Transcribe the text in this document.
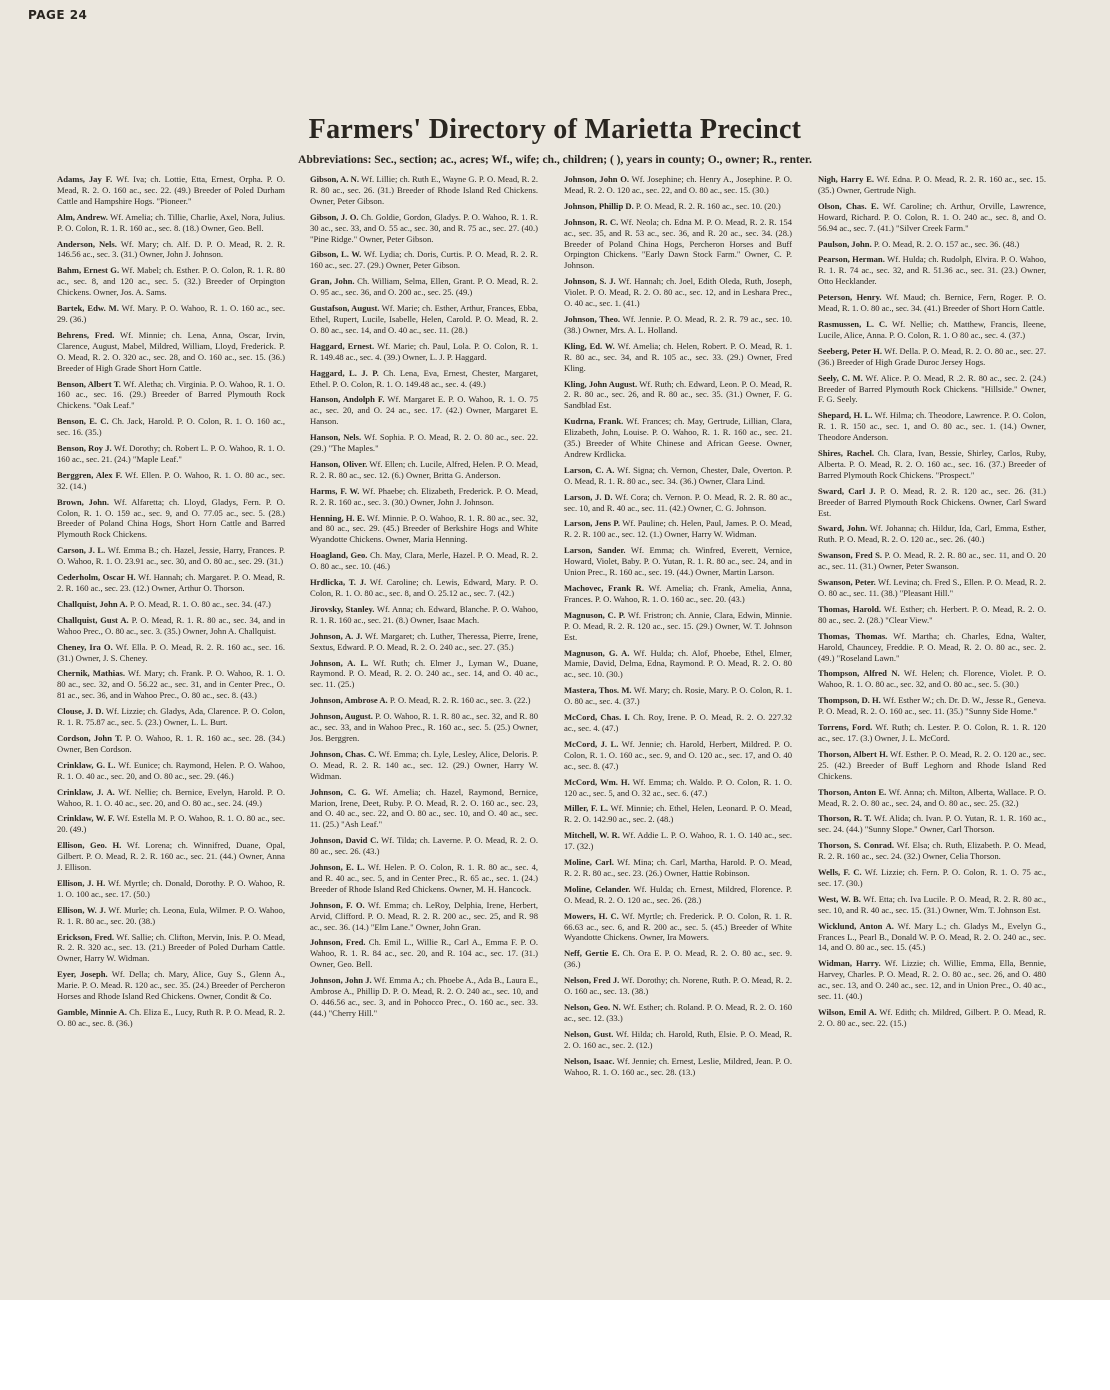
PAGE 24
Farmers' Directory of Marietta Precinct
Abbreviations: Sec., section; ac., acres; Wf., wife; ch., children; ( ), years in county; O., owner; R., renter.

Adams, Jay F. Wf. Iva; ch. Lottie, Etta, Ernest, Orpha. P. O. Mead, R. 2. O. 160 ac., sec. 22. (49.) Breeder of Poled Durham Cattle and Hampshire Hogs. "Pioneer."

Alm, Andrew. Wf. Amelia; ch. Tillie, Charlie, Axel, Nora, Julius. P. O. Colon, R. 1. R. 160 ac., sec. 8. (18.) Owner, Geo. Bell.

Anderson, Nels. Wf. Mary; ch. Alf. D. P. O. Mead, R. 2. R. 146.56 ac., sec. 3. (31.) Owner, John J. Johnson.

Bahm, Ernest G. Wf. Mabel; ch. Esther. P. O. Colon, R. 1. R. 80 ac., sec. 8, and 120 ac., sec. 5. (32.) Breeder of Orpington Chickens. Owner, Jos. A. Sams.

Bartek, Edw. M. Wf. Mary. P. O. Wahoo, R. 1. O. 160 ac., sec. 29. (36.)

Behrens, Fred. Wf. Minnie; ch. Lena, Anna, Oscar, Irvin, Clarence, August, Mabel, Mildred, William, Lloyd, Frederick. P. O. Mead, R. 2. O. 320 ac., sec. 28, and O. 160 ac., sec. 15. (36.) Breeder of High Grade Short Horn Cattle.

Benson, Albert T. Wf. Aletha; ch. Virginia. P. O. Wahoo, R. 1. O. 160 ac., sec. 16. (29.) Breeder of Barred Plymouth Rock Chickens. "Oak Leaf."

Benson, E. C. Ch. Jack, Harold. P. O. Colon, R. 1. O. 160 ac., sec. 16. (35.)

Benson, Roy J. Wf. Dorothy; ch. Robert L. P. O. Wahoo, R. 1. O. 160 ac., sec. 21. (24.) "Maple Leaf."

Berggren, Alex F. Wf. Ellen. P. O. Wahoo, R. 1. O. 80 ac., sec. 32. (14.)

Brown, John. Wf. Alfaretta; ch. Lloyd, Gladys, Fern. P. O. Colon, R. 1. O. 159 ac., sec. 9, and O. 77.05 ac., sec. 5. (28.) Breeder of Poland China Hogs, Short Horn Cattle and Barred Plymouth Rock Chickens.

Carson, J. L. Wf. Emma B.; ch. Hazel, Jessie, Harry, Frances. P. O. Wahoo, R. 1. O. 23.91 ac., sec. 30, and O. 80 ac., sec. 29. (31.)

Cederholm, Oscar H. Wf. Hannah; ch. Margaret. P. O. Mead, R. 2. R. 160 ac., sec. 23. (12.) Owner, Arthur O. Thorson.

Challquist, John A. P. O. Mead, R. 1. O. 80 ac., sec. 34. (47.)

Challquist, Gust A. P. O. Mead, R. 1. R. 80 ac., sec. 34, and in Wahoo Prec., O. 80 ac., sec. 3. (35.) Owner, John A. Challquist.

Cheney, Ira O. Wf. Ella. P. O. Mead, R. 2. R. 160 ac., sec. 16. (31.) Owner, J. S. Cheney.

Chernik, Mathias. Wf. Mary; ch. Frank. P. O. Wahoo, R. 1. O. 80 ac., sec. 32, and O. 56.22 ac., sec. 31, and in Center Prec., O. 81 ac., sec. 36, and in Wahoo Prec., O. 80 ac., sec. 8. (43.)

Clouse, J. D. Wf. Lizzie; ch. Gladys, Ada, Clarence. P. O. Colon, R. 1. R. 75.87 ac., sec. 5. (23.) Owner, L. L. Burt.

Cordson, John T. P. O. Wahoo, R. 1. R. 160 ac., sec. 28. (34.) Owner, Ben Cordson.

Crinklaw, G. L. Wf. Eunice; ch. Raymond, Helen. P. O. Wahoo, R. 1. O. 40 ac., sec. 20, and O. 80 ac., sec. 29. (46.)

Crinklaw, J. A. Wf. Nellie; ch. Bernice, Evelyn, Harold. P. O. Wahoo, R. 1. O. 40 ac., sec. 20, and O. 80 ac., sec. 24. (49.)

Crinklaw, W. F. Wf. Estella M. P. O. Wahoo, R. 1. O. 80 ac., sec. 20. (49.)

Ellison, Geo. H. Wf. Lorena; ch. Winnifred, Duane, Opal, Gilbert. P. O. Mead, R. 2. R. 160 ac., sec. 21. (44.) Owner, Anna J. Ellison.

Ellison, J. H. Wf. Myrtle; ch. Donald, Dorothy. P. O. Wahoo, R. 1. O. 100 ac., sec. 17. (50.)

Ellison, W. J. Wf. Murle; ch. Leona, Eula, Wilmer. P. O. Wahoo, R. 1. R. 80 ac., sec. 20. (38.)

Erickson, Fred. Wf. Sallie; ch. Clifton, Mervin, Inis. P. O. Mead, R. 2. R. 320 ac., sec. 13. (21.) Breeder of Poled Durham Cattle. Owner, Harry W. Widman.

Eyer, Joseph. Wf. Della; ch. Mary, Alice, Guy S., Glenn A., Marie. P. O. Mead. R. 120 ac., sec. 35. (24.) Breeder of Percheron Horses and Rhode Island Red Chickens. Owner, Condit & Co.

Gamble, Minnie A. Ch. Eliza E., Lucy, Ruth R. P. O. Mead, R. 2. O. 80 ac., sec. 8. (36.)

Gibson, A. N. Wf. Lillie; ch. Ruth E., Wayne G. P. O. Mead, R. 2. R. 80 ac., sec. 26. (31.) Breeder of Rhode Island Red Chickens. Owner, Peter Gibson.

Gibson, J. O. Ch. Goldie, Gordon, Gladys. P. O. Wahoo, R. 1. R. 30 ac., sec. 33, and O. 55 ac., sec. 30, and R. 75 ac., sec. 27. (40.) "Pine Ridge." Owner, Peter Gibson.

Gibson, L. W. Wf. Lydia; ch. Doris, Curtis. P. O. Mead, R. 2. R. 160 ac., sec. 27. (29.) Owner, Peter Gibson.

Gran, John. Ch. William, Selma, Ellen, Grant. P. O. Mead, R. 2. O. 95 ac., sec. 36, and O. 200 ac., sec. 25. (49.)

Gustafson, August. Wf. Marie; ch. Esther, Arthur, Frances, Ebba, Ethel, Rupert, Lucile, Isabelle, Helen, Carold. P. O. Mead, R. 2. O. 80 ac., sec. 14, and O. 40 ac., sec. 11. (28.)

Haggard, Ernest. Wf. Marie; ch. Paul, Lola. P. O. Colon, R. 1. R. 149.48 ac., sec. 4. (39.) Owner, L. J. P. Haggard.

Haggard, L. J. P. Ch. Lena, Eva, Ernest, Chester, Margaret, Ethel. P. O. Colon, R. 1. O. 149.48 ac., sec. 4. (49.)

Hanson, Andolph F. Wf. Margaret E. P. O. Wahoo, R. 1. O. 75 ac., sec. 20, and O. 24 ac., sec. 17. (42.) Owner, Margaret E. Hanson.

Hanson, Nels. Wf. Sophia. P. O. Mead, R. 2. O. 80 ac., sec. 22. (29.) "The Maples."

Hanson, Oliver. Wf. Ellen; ch. Lucile, Alfred, Helen. P. O. Mead, R. 2. R. 80 ac., sec. 12. (6.) Owner, Britta G. Anderson.

Harms, F. W. Wf. Phaebe; ch. Elizabeth, Frederick. P. O. Mead, R. 2. R. 160 ac., sec. 3. (30.) Owner, John J. Johnson.

Henning, H. E. Wf. Minnie. P. O. Wahoo, R. 1. R. 80 ac., sec. 32, and 80 ac., sec. 29. (45.) Breeder of Berkshire Hogs and White Wyandotte Chickens. Owner, Maria Henning.

Hoagland, Geo. Ch. May, Clara, Merle, Hazel. P. O. Mead, R. 2. O. 80 ac., sec. 10. (46.)

Hrdlicka, T. J. Wf. Caroline; ch. Lewis, Edward, Mary. P. O. Colon, R. 1. O. 80 ac., sec. 8, and O. 25.12 ac., sec. 7. (42.)

Jirovsky, Stanley. Wf. Anna; ch. Edward, Blanche. P. O. Wahoo, R. 1. R. 160 ac., sec. 21. (8.) Owner, Isaac Mach.

Johnson, A. J. Wf. Margaret; ch. Luther, Theressa, Pierre, Irene, Sextus, Edward. P. O. Mead, R. 2. O. 240 ac., sec. 27. (35.)

Johnson, A. L. Wf. Ruth; ch. Elmer J., Lyman W., Duane, Raymond. P. O. Mead, R. 2. O. 240 ac., sec. 14, and O. 40 ac., sec. 11. (25.)

Johnson, Ambrose A. P. O. Mead, R. 2. R. 160 ac., sec. 3. (22.)

Johnson, August. P. O. Wahoo, R. 1. R. 80 ac., sec. 32, and R. 80 ac., sec. 33, and in Wahoo Prec., R. 160 ac., sec. 5. (25.) Owner, Jos. Berggren.

Johnson, Chas. C. Wf. Emma; ch. Lyle, Lesley, Alice, Deloris. P. O. Mead, R. 2. R. 140 ac., sec. 12. (29.) Owner, Harry W. Widman.

Johnson, C. G. Wf. Amelia; ch. Hazel, Raymond, Bernice, Marion, Irene, Deet, Ruby. P. O. Mead, R. 2. O. 160 ac., sec. 23, and O. 40 ac., sec. 22, and O. 80 ac., sec. 10, and O. 40 ac., sec. 11. (25.) "Ash Leaf."

Johnson, David C. Wf. Tilda; ch. Laverne. P. O. Mead, R. 2. O. 80 ac., sec. 26. (43.)

Johnson, E. L. Wf. Helen. P. O. Colon, R. 1. R. 80 ac., sec. 4, and R. 40 ac., sec. 5, and in Center Prec., R. 65 ac., sec. 1. (24.) Breeder of Rhode Island Red Chickens. Owner, M. H. Hancock.

Johnson, F. O. Wf. Emma; ch. LeRoy, Delphia, Irene, Herbert, Arvid, Clifford. P. O. Mead, R. 2. R. 200 ac., sec. 25, and R. 98 ac., sec. 36. (14.) "Elm Lane." Owner, John Gran.

Johnson, Fred. Ch. Emil L., Willie R., Carl A., Emma F. P. O. Wahoo, R. 1. R. 84 ac., sec. 20, and R. 104 ac., sec. 17. (31.) Owner, Geo. Bell.

Johnson, John J. Wf. Emma A.; ch. Phoebe A., Ada B., Laura E., Ambrose A., Phillip D. P. O. Mead, R. 2. O. 240 ac., sec. 10, and O. 446.56 ac., sec. 3, and in Pohocco Prec., O. 160 ac., sec. 33. (44.) "Cherry Hill."

Johnson, John O. Wf. Josephine; ch. Henry A., Josephine. P. O. Mead, R. 2. O. 120 ac., sec. 22, and O. 80 ac., sec. 15. (30.)

Johnson, Phillip D. P. O. Mead, R. 2. R. 160 ac., sec. 10. (20.)

Johnson, R. C. Wf. Neola; ch. Edna M. P. O. Mead, R. 2. R. 154 ac., sec. 35, and R. 53 ac., sec. 36, and R. 20 ac., sec. 34. (28.) Breeder of Poland China Hogs, Percheron Horses and Buff Orpington Chickens. "Early Dawn Stock Farm." Owner, C. P. Johnson.

Johnson, S. J. Wf. Hannah; ch. Joel, Edith Oleda, Ruth, Joseph, Violet. P. O. Mead, R. 2. O. 80 ac., sec. 12, and in Leshara Prec., O. 40 ac., sec. 1. (41.)

Johnson, Theo. Wf. Jennie. P. O. Mead, R. 2. R. 79 ac., sec. 10. (38.) Owner, Mrs. A. L. Holland.

Kling, Ed. W. Wf. Amelia; ch. Helen, Robert. P. O. Mead, R. 1. R. 80 ac., sec. 34, and R. 105 ac., sec. 33. (29.) Owner, Fred Kling.

Kling, John August. Wf. Ruth; ch. Edward, Leon. P. O. Mead, R. 2. R. 80 ac., sec. 26, and R. 80 ac., sec. 35. (31.) Owner, F. G. Sandblad Est.

Kudrna, Frank. Wf. Frances; ch. May, Gertrude, Lillian, Clara, Elizabeth, John, Louise. P. O. Wahoo, R. 1. R. 160 ac., sec. 21. (35.) Breeder of White Chinese and African Geese. Owner, Andrew Krdlicka.

Larson, C. A. Wf. Signa; ch. Vernon, Chester, Dale, Overton. P. O. Mead, R. 1. R. 80 ac., sec. 34. (36.) Owner, Clara Lind.

Larson, J. D. Wf. Cora; ch. Vernon. P. O. Mead, R. 2. R. 80 ac., sec. 10, and R. 40 ac., sec. 11. (42.) Owner, C. G. Johnson.

Larson, Jens P. Wf. Pauline; ch. Helen, Paul, James. P. O. Mead, R. 2. R. 100 ac., sec. 12. (1.) Owner, Harry W. Widman.

Larson, Sander. Wf. Emma; ch. Winfred, Everett, Vernice, Howard, Violet, Baby. P. O. Yutan, R. 1. R. 80 ac., sec. 24, and in Union Prec., R. 160 ac., sec. 19. (44.) Owner, Martin Larson.

Machovec, Frank R. Wf. Amelia; ch. Frank, Amelia, Anna, Frances. P. O. Wahoo, R. 1. O. 160 ac., sec. 20. (43.)

Magnuson, C. P. Wf. Fristron; ch. Annie, Clara, Edwin, Minnie. P. O. Mead, R. 2. R. 120 ac., sec. 15. (29.) Owner, W. T. Johnson Est.

Magnuson, G. A. Wf. Hulda; ch. Alof, Phoebe, Ethel, Elmer, Mamie, David, Delma, Edna, Raymond. P. O. Mead, R. 2. O. 80 ac., sec. 10. (30.)

Mastera, Thos. M. Wf. Mary; ch. Rosie, Mary. P. O. Colon, R. 1. O. 80 ac., sec. 4. (37.)

McCord, Chas. I. Ch. Roy, Irene. P. O. Mead, R. 2. O. 227.32 ac., sec. 4. (47.)

McCord, J. L. Wf. Jennie; ch. Harold, Herbert, Mildred. P. O. Colon, R. 1. O. 160 ac., sec. 9, and O. 120 ac., sec. 17, and O. 40 ac., sec. 8. (47.)

McCord, Wm. H. Wf. Emma; ch. Waldo. P. O. Colon, R. 1. O. 120 ac., sec. 5, and O. 32 ac., sec. 6. (47.)

Miller, F. L. Wf. Minnie; ch. Ethel, Helen, Leonard. P. O. Mead, R. 2. O. 142.90 ac., sec. 2. (48.)

Mitchell, W. R. Wf. Addie L. P. O. Wahoo, R. 1. O. 140 ac., sec. 17. (32.)

Moline, Carl. Wf. Mina; ch. Carl, Martha, Harold. P. O. Mead, R. 2. R. 80 ac., sec. 23. (26.) Owner, Hattie Robinson.

Moline, Celander. Wf. Hulda; ch. Ernest, Mildred, Florence. P. O. Mead, R. 2. O. 120 ac., sec. 26. (28.)

Mowers, H. C. Wf. Myrtle; ch. Frederick. P. O. Colon, R. 1. R. 66.63 ac., sec. 6, and R. 200 ac., sec. 5. (45.) Breeder of White Wyandotte Chickens. Owner, Ira Mowers.

Neff, Gertie E. Ch. Ora E. P. O. Mead, R. 2. O. 80 ac., sec. 9. (36.)

Nelson, Fred J. Wf. Dorothy; ch. Norene, Ruth. P. O. Mead, R. 2. O. 160 ac., sec. 13. (38.)

Nelson, Geo. N. Wf. Esther; ch. Roland. P. O. Mead, R. 2. O. 160 ac., sec. 12. (33.)

Nelson, Gust. Wf. Hilda; ch. Harold, Ruth, Elsie. P. O. Mead, R. 2. O. 160 ac., sec. 2. (12.)

Nelson, Isaac. Wf. Jennie; ch. Ernest, Leslie, Mildred, Jean. P. O. Wahoo, R. 1. O. 160 ac., sec. 28. (13.)

Nigh, Harry E. Wf. Edna. P. O. Mead, R. 2. R. 160 ac., sec. 15. (35.) Owner, Gertrude Nigh.

Olson, Chas. E. Wf. Caroline; ch. Arthur, Orville, Lawrence, Howard, Richard. P. O. Colon, R. 1. O. 240 ac., sec. 8, and O. 56.94 ac., sec. 7. (41.) "Silver Creek Farm."

Paulson, John. P. O. Mead, R. 2. O. 157 ac., sec. 36. (48.)

Pearson, Herman. Wf. Hulda; ch. Rudolph, Elvira. P. O. Wahoo, R. 1. R. 74 ac., sec. 32, and R. 51.36 ac., sec. 31. (23.) Owner, Otto Hecklander.

Peterson, Henry. Wf. Maud; ch. Bernice, Fern, Roger. P. O. Mead, R. 1. O. 80 ac., sec. 34. (41.) Breeder of Short Horn Cattle.

Rasmussen, L. C. Wf. Nellie; ch. Matthew, Francis, Ileene, Lucile, Alice, Anna. P. O. Colon, R. 1. O 80 ac., sec. 4. (37.)

Seeberg, Peter H. Wf. Della. P. O. Mead, R. 2. O. 80 ac., sec. 27. (36.) Breeder of High Grade Duroc Jersey Hogs.

Seely, C. M. Wf. Alice. P. O. Mead, R .2. R. 80 ac., sec. 2. (24.) Breeder of Barred Plymouth Rock Chickens. "Hillside." Owner, F. G. Seely.

Shepard, H. L. Wf. Hilma; ch. Theodore, Lawrence. P. O. Colon, R. 1. R. 150 ac., sec. 1, and O. 80 ac., sec. 1. (14.) Owner, Theodore Anderson.

Shires, Rachel. Ch. Clara, Ivan, Bessie, Shirley, Carlos, Ruby, Alberta. P. O. Mead, R. 2. O. 160 ac., sec. 16. (37.) Breeder of Barred Plymouth Rock Chickens. "Prospect."

Sward, Carl J. P. O. Mead, R. 2. R. 120 ac., sec. 26. (31.) Breeder of Barred Plymouth Rock Chickens. Owner, Carl Sward Est.

Sward, John. Wf. Johanna; ch. Hildur, Ida, Carl, Emma, Esther, Ruth. P. O. Mead, R. 2. O. 120 ac., sec. 26. (40.)

Swanson, Fred S. P. O. Mead, R. 2. R. 80 ac., sec. 11, and O. 20 ac., sec. 11. (31.) Owner, Peter Swanson.

Swanson, Peter. Wf. Levina; ch. Fred S., Ellen. P. O. Mead, R. 2. O. 80 ac., sec. 11. (38.) "Pleasant Hill."

Thomas, Harold. Wf. Esther; ch. Herbert. P. O. Mead, R. 2. O. 80 ac., sec. 2. (28.) "Clear View."

Thomas, Thomas. Wf. Martha; ch. Charles, Edna, Walter, Harold, Chauncey, Freddie. P. O. Mead, R. 2. O. 80 ac., sec. 2. (49.) "Roseland Lawn."

Thompson, Alfred N. Wf. Helen; ch. Florence, Violet. P. O. Wahoo, R. 1. O. 80 ac., sec. 32, and O. 80 ac., sec. 5. (30.)

Thompson, D. H. Wf. Esther W.; ch. Dr. D. W., Jesse R., Geneva. P. O. Mead, R. 2. O. 160 ac., sec. 11. (35.) "Sunny Side Home."

Torrens, Ford. Wf. Ruth; ch. Lester. P. O. Colon, R. 1. R. 120 ac., sec. 17. (3.) Owner, J. L. McCord.

Thorson, Albert H. Wf. Esther. P. O. Mead, R. 2. O. 120 ac., sec. 25. (42.) Breeder of Buff Leghorn and Rhode Island Red Chickens.

Thorson, Anton E. Wf. Anna; ch. Milton, Alberta, Wallace. P. O. Mead, R. 2. O. 80 ac., sec. 24, and O. 80 ac., sec. 25. (32.)

Thorson, R. T. Wf. Alida; ch. Ivan. P. O. Yutan, R. 1. R. 160 ac., sec. 24. (44.) "Sunny Slope." Owner, Carl Thorson.

Thorson, S. Conrad. Wf. Elsa; ch. Ruth, Elizabeth. P. O. Mead, R. 2. R. 160 ac., sec. 24. (32.) Owner, Celia Thorson.

Wells, F. C. Wf. Lizzie; ch. Fern. P. O. Colon, R. 1. O. 75 ac., sec. 17. (30.)

West, W. B. Wf. Etta; ch. Iva Lucile. P. O. Mead, R. 2. R. 80 ac., sec. 10, and R. 40 ac., sec. 15. (31.) Owner, Wm. T. Johnson Est.

Wicklund, Anton A. Wf. Mary L.; ch. Gladys M., Evelyn G., Frances L., Pearl B., Donald W. P. O. Mead, R. 2. O. 240 ac., sec. 14, and O. 80 ac., sec. 15. (45.)

Widman, Harry. Wf. Lizzie; ch. Willie, Emma, Ella, Bennie, Harvey, Charles. P. O. Mead, R. 2. O. 80 ac., sec. 26, and O. 480 ac., sec. 13, and O. 240 ac., sec. 12, and in Union Prec., O. 40 ac., sec. 11. (40.)

Wilson, Emil A. Wf. Edith; ch. Mildred, Gilbert. P. O. Mead, R. 2. O. 80 ac., sec. 22. (15.)
